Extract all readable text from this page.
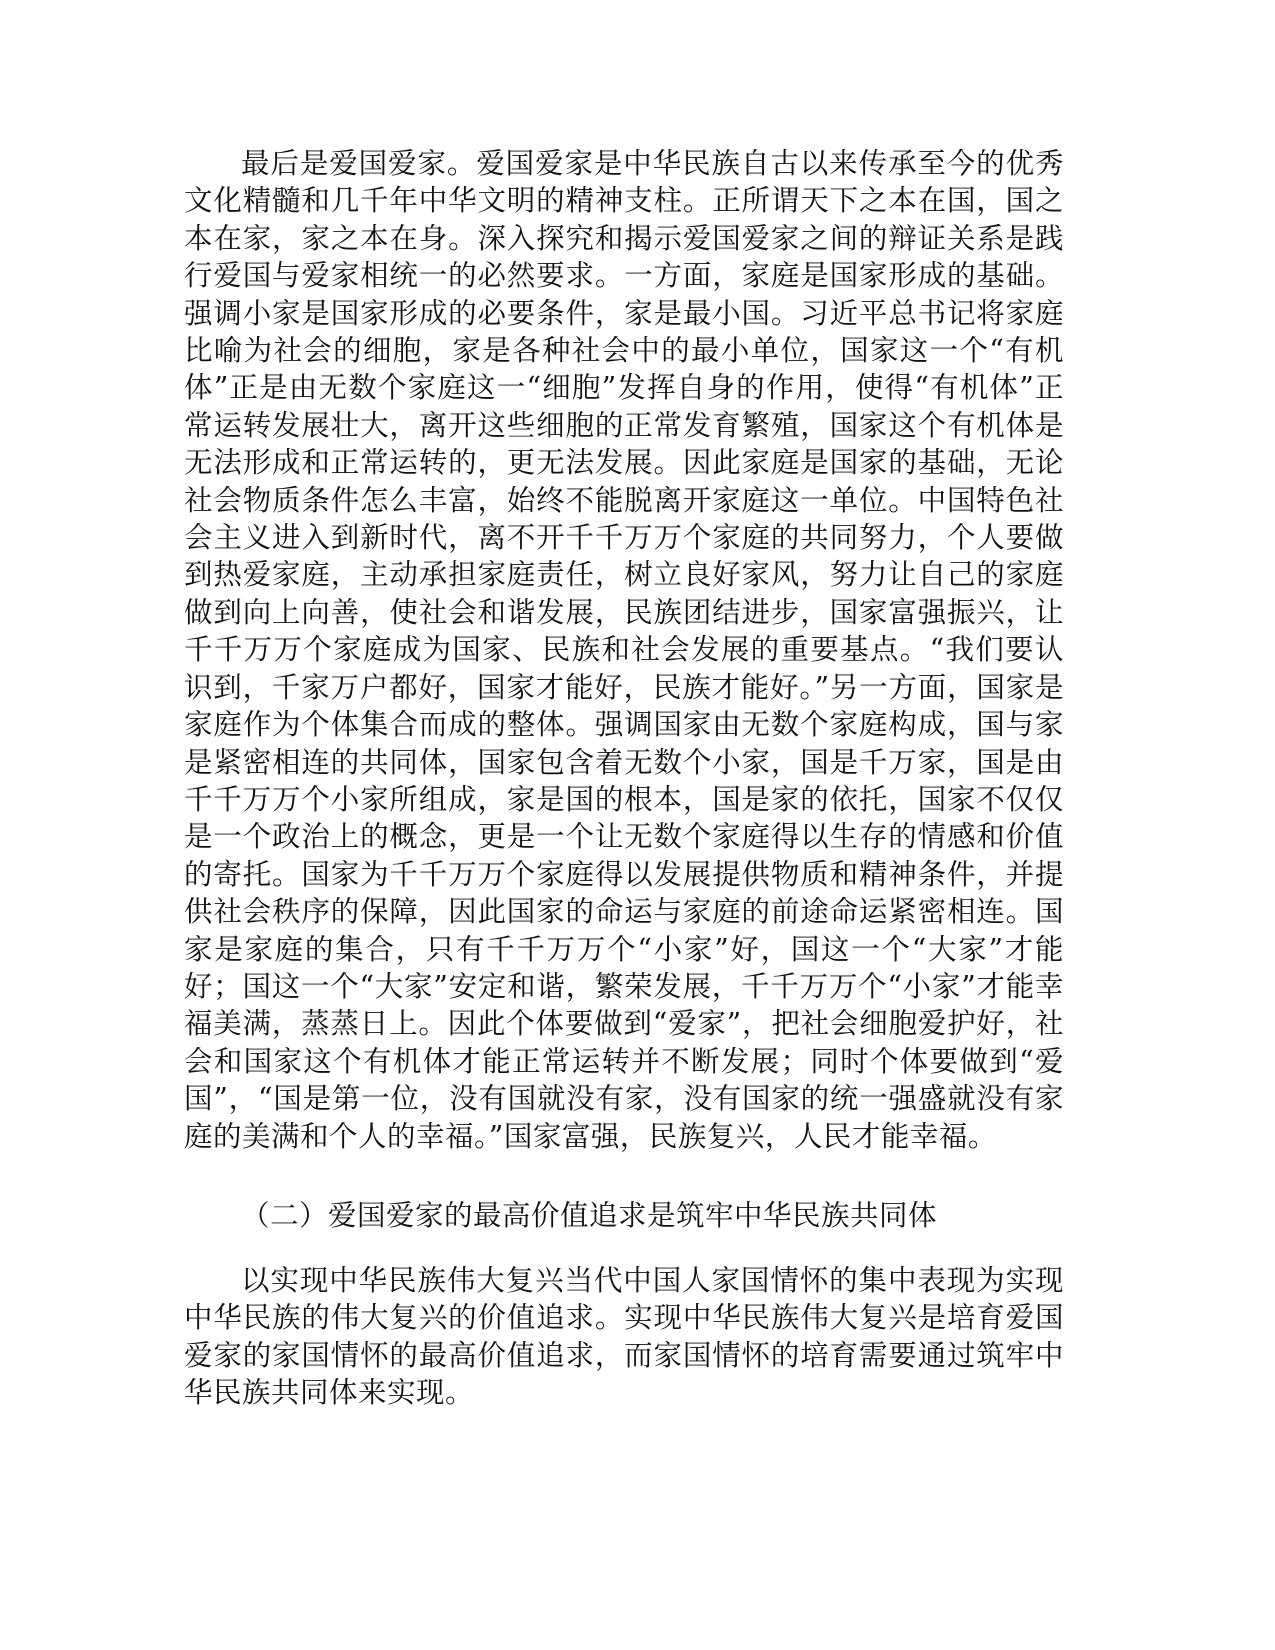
最后是爱国爱家。爱国爱家是中华民族自古以来传承至今的优秀文化精髓和几千年中华文明的精神支柱。正所谓天下之本在国，国之本在家，家之本在身。深入探究和揭示爱国爱家之间的辩证关系是践行爱国与爱家相统一的必然要求。一方面，家庭是国家形成的基础。强调小家是国家形成的必要条件，家是最小国。习近平总书记将家庭比喻为社会的细胞，家是各种社会中的最小单位，国家这一个“有机体”正是由无数个家庭这一“细胞”发挥自身的作用，使得“有机体”正常运转发展壮大，离开这些细胞的正常发育繁殖，国家这个有机体是无法形成和正常运转的，更无法发展。因此家庭是国家的基础，无论社会物质条件怎么丰富，始终不能脱离开家庭这一单位。中国特色社会主义进入到新时代，离不开千千万万个家庭的共同努力，个人要做到热爱家庭，主动承担家庭责任，树立良好家风，努力让自己的家庭做到向上向善，使社会和谐发展，民族团结进步，国家富强振兴，让千千万万个家庭成为国家、民族和社会发展的重要基点。“我们要认识到，千家万户都好，国家才能好，民族才能好。”另一方面，国家是家庭作为个体集合而成的整体。强调国家由无数个家庭构成，国与家是紧密相连的共同体，国家包含着无数个小家，国是千万家，国是由千千万万个小家所组成，家是国的根本，国是家的依托，国家不仅仅是一个政治上的概念，更是一个让无数个家庭得以生存的情感和价值的寄托。国家为千千万万个家庭得以发展提供物质和精神条件，并提供社会秩序的保障，因此国家的命运与家庭的前途命运紧密相连。国家是家庭的集合，只有千千万万个“小家”好，国这一个“大家”才能好；国这一个“大家”安定和谐，繁荣发展，千千万万个“小家”才能幸福美满，蒸蒸日上。因此个体要做到“爱家”，把社会细胞爱护好，社会和国家这个有机体才能正常运转并不断发展；同时个体要做到“爱国”，“国是第一位，没有国就没有家，没有国家的统一强盛就没有家庭的美满和个人的幸福。”国家富强，民族复兴，人民才能幸福。

（二）爱国爱家的最高价值追求是筑牢中华民族共同体

以实现中华民族伟大复兴当代中国人家国情怀的集中表现为实现中华民族的伟大复兴的价值追求。实现中华民族伟大复兴是培育爱国爱家的家国情怀的最高价值追求，而家国情怀的培育需要通过筑牢中华民族共同体来实现。
